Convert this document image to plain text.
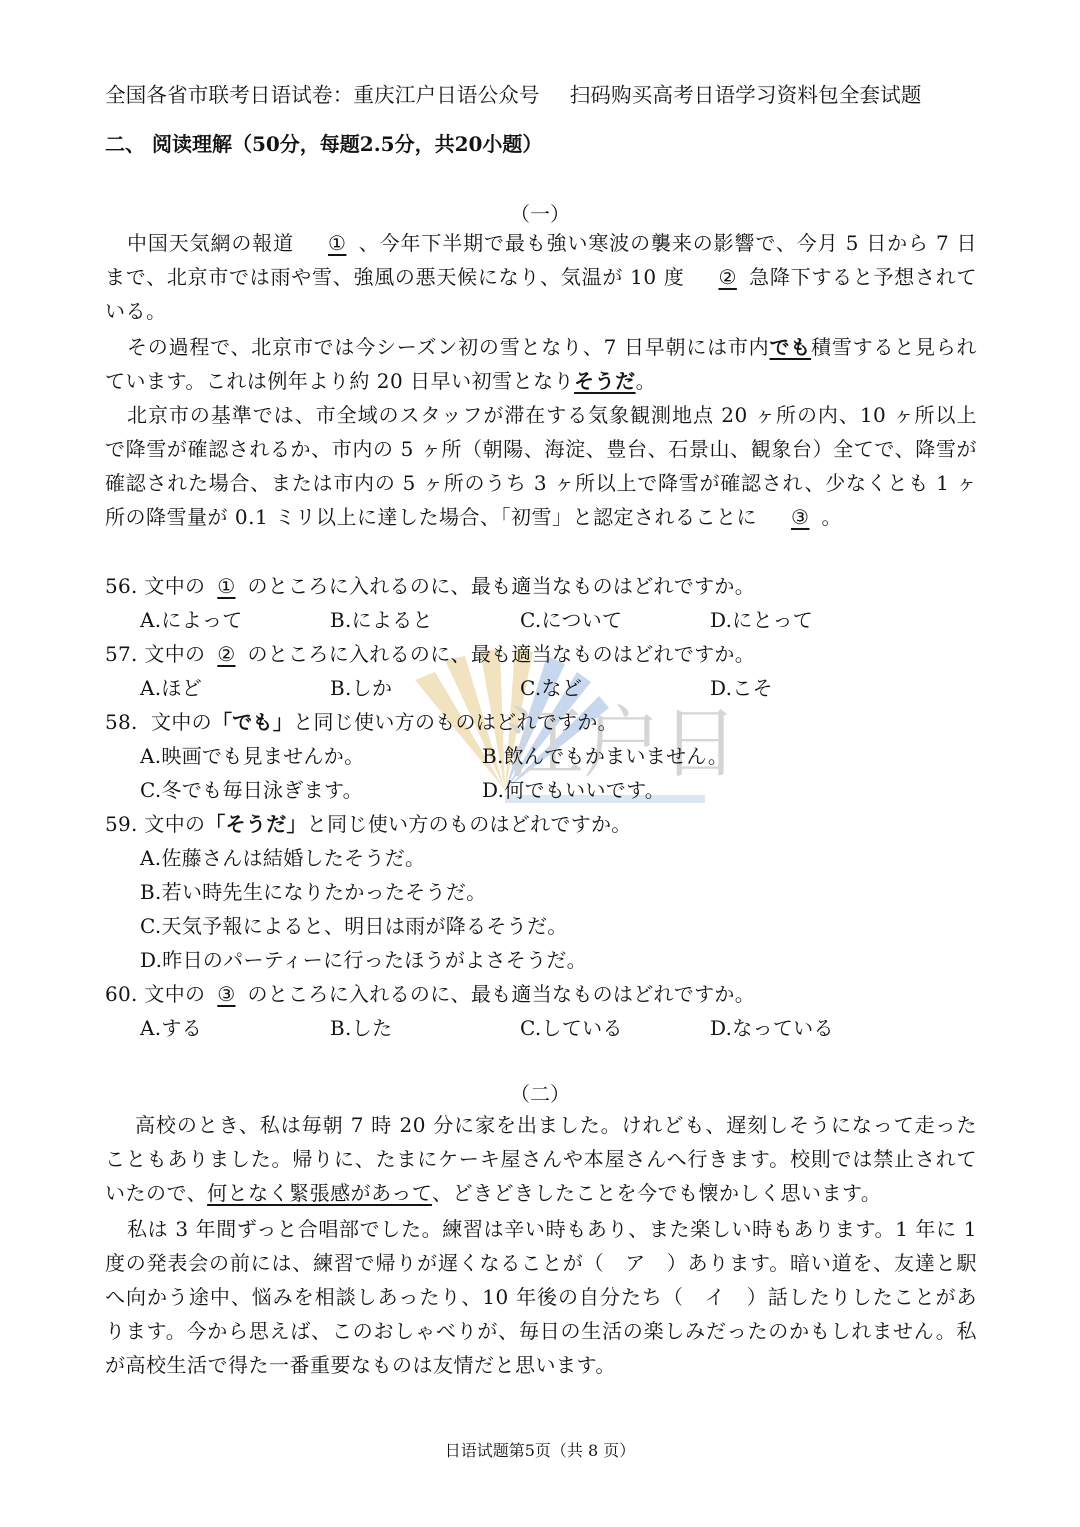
江户日
全国各省市联考日语试卷：重庆江户日语公众号 扫码购买高考日语学习资料包全套试题
二、 阅读理解（50分，每题2.5分，共20小题）
（一）
中国天気網の報道 ① 、今年下半期で最も強い寒波の襲来の影響で、今月 5 日から 7 日まで、北京市では雨や雪、強風の悪天候になり、気温が 10 度 ② 急降下すると予想されている。
その過程で、北京市では今シーズン初の雪となり、7 日早朝には市内でも積雪すると見られています。これは例年より約 20 日早い初雪となりそうだ。
北京市の基準では、市全域のスタッフが滞在する気象観測地点 20 ヶ所の内、10 ヶ所以上で降雪が確認されるか、市内の 5 ヶ所（朝陽、海淀、豊台、石景山、観象台）全てで、降雪が確認された場合、または市内の 5 ヶ所のうち 3 ヶ所以上で降雪が確認され、少なくとも 1 ヶ所の降雪量が 0.1 ミリ以上に達した場合、「初雪」と認定されることに ③ 。
56. 文中の ① のところに入れるのに、最も適当なものはどれですか。
A.によって	B.によると	C.について	D.にとって
57. 文中の ② のところに入れるのに、最も適当なものはどれですか。
A.ほど	B.しか	C.など	D.こそ
58. 文中の「でも」と同じ使い方のものはどれですか。
A.映画でも見ませんか。	B.飲んでもかまいません。
C.冬でも毎日泳ぎます。	D.何でもいいです。
59. 文中の「そうだ」と同じ使い方のものはどれですか。
A.佐藤さんは結婚したそうだ。
B.若い時先生になりたかったそうだ。
C.天気予報によると、明日は雨が降るそうだ。
D.昨日のパーティーに行ったほうがよさそうだ。
60. 文中の ③ のところに入れるのに、最も適当なものはどれですか。
A.する	B.した	C.している	D.なっている
（二）
高校のとき、私は毎朝 7 時 20 分に家を出ました。けれども、遅刻しそうになって走ったこともありました。帰りに、たまにケーキ屋さんや本屋さんへ行きます。校則では禁止されていたので、何となく緊張感があって、どきどきしたことを今でも懐かしく思います。
私は 3 年間ずっと合唱部でした。練習は辛い時もあり、また楽しい時もあります。1 年に 1 度の発表会の前には、練習で帰りが遅くなることが（　ア　）あります。暗い道を、友達と駅へ向かう途中、悩みを相談しあったり、10 年後の自分たち（　イ　）話したりしたことがあります。今から思えば、このおしゃべりが、毎日の生活の楽しみだったのかもしれません。私が高校生活で得た一番重要なものは友情だと思います。
日语试题第5页（共 8 页）
